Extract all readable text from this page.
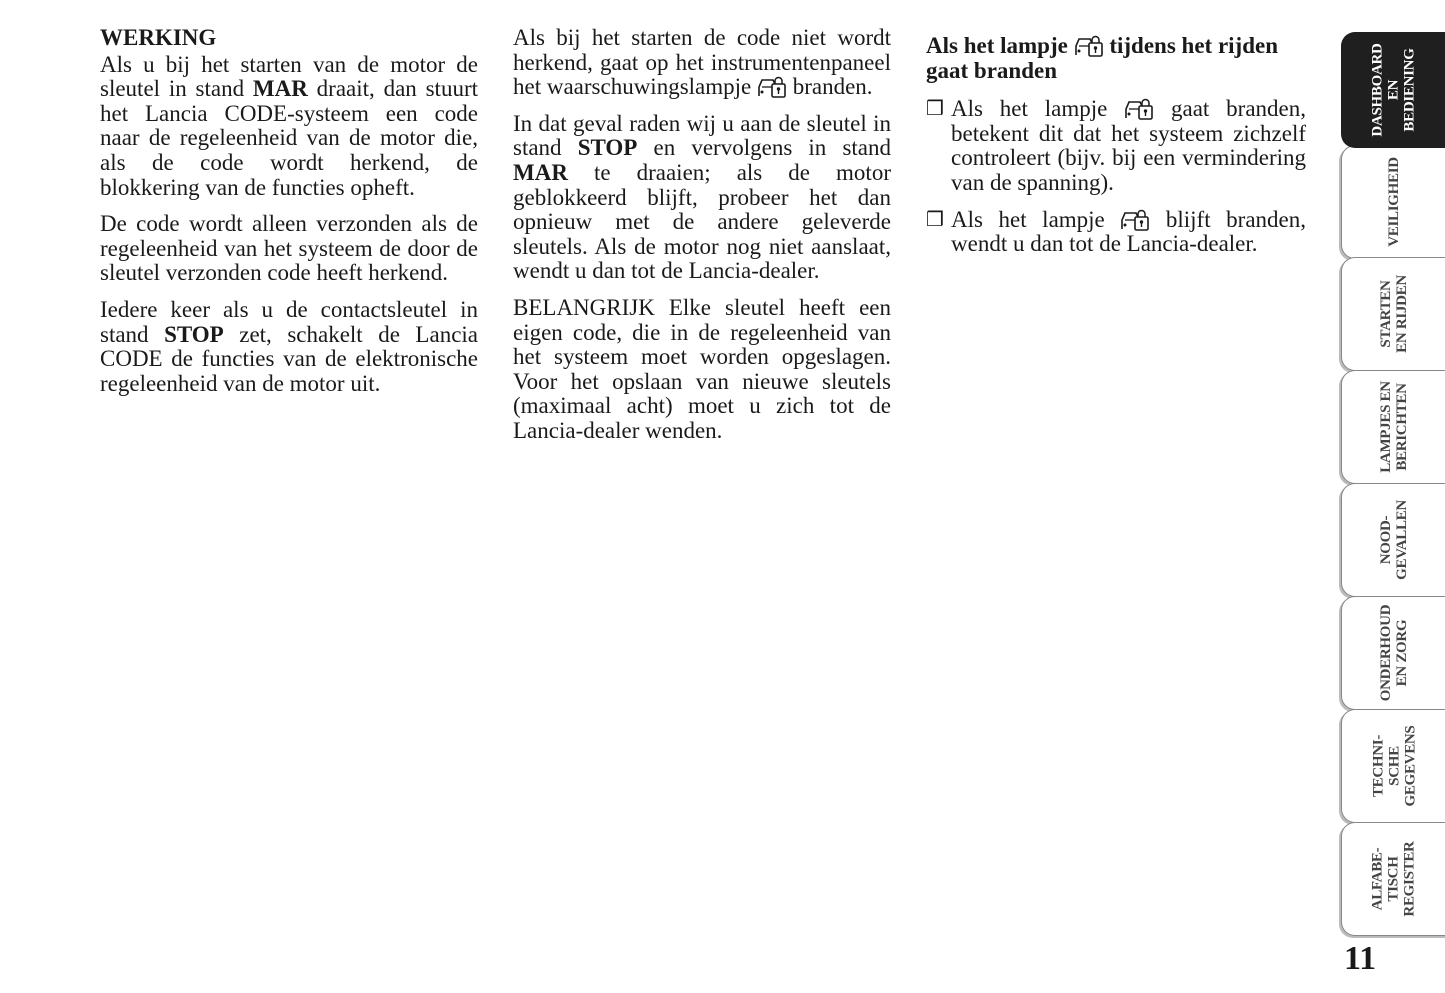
WERKING

Als u bij het starten van de motor de sleutel in stand MAR draait, dan stuurt het Lancia CODE-systeem een code naar de regeleenheid van de motor die, als de code wordt herkend, de blokkering van de functies opheft.

De code wordt alleen verzonden als de regeleenheid van het systeem de door de sleutel verzonden code heeft herkend.

Iedere keer als u de contactsleutel in stand STOP zet, schakelt de Lancia CODE de functies van de elektronische regeleenheid van de motor uit.

Als bij het starten de code niet wordt herkend, gaat op het instrumentenpaneel het waarschuwingslampje
branden.

In dat geval raden wij u aan de sleutel in stand STOP en vervolgens in stand MAR te draaien; als de motor geblokkeerd blijft, probeer het dan opnieuw met de andere geleverde sleutels. Als de motor nog niet aanslaat, wendt u dan tot de Lancia-dealer.

BELANGRIJK Elke sleutel heeft een eigen code, die in de regeleenheid van het systeem moet worden opgeslagen. Voor het opslaan van nieuwe sleutels (maximaal acht) moet u zich tot de Lancia-dealer wenden.

Als het lampje
tijdens het rijden gaat branden
❒ Als het lampje
gaat branden, betekent dit dat het systeem zichzelf controleert (bijv. bij een vermindering van de spanning).
❒ Als het lampje
blijft branden, wendt u dan tot de Lancia-dealer.	VEILIGHEID
STARTEN
EN RIJDEN
LAMPJES EN
BERICHTEN
NOOD-
GEVALLEN
ONDERHOUD
EN ZORG
TECHNI-
SCHE
GEGEVENS
ALFABE-
TISCH
REGISTER
DASHBOARD
EN
BEDIENING
11
